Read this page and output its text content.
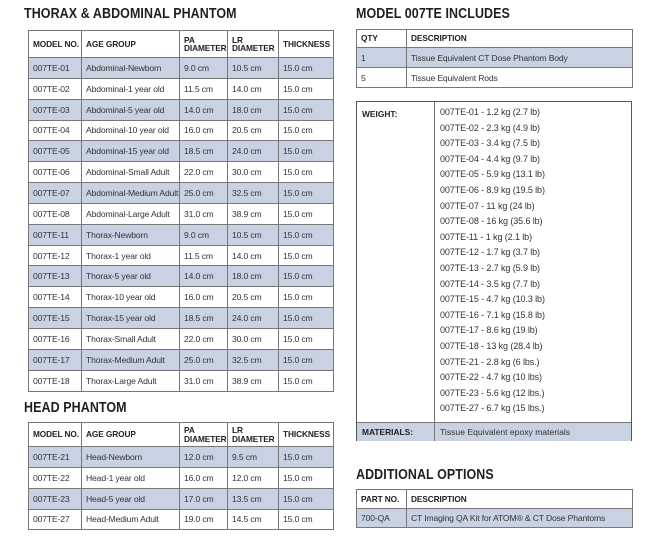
THORAX & ABDOMINAL PHANTOM
MODEL NO.	AGE GROUP	PA DIAMETER	LR DIAMETER	THICKNESS
007TE-01	Abdominal-Newborn	9.0 cm	10.5 cm	15.0 cm
007TE-02	Abdominal-1 year old	11.5 cm	14.0 cm	15.0 cm
007TE-03	Abdominal-5 year old	14.0 cm	18.0 cm	15.0 cm
007TE-04	Abdominal-10 year old	16.0 cm	20.5 cm	15.0 cm
007TE-05	Abdominal-15 year old	18.5 cm	24.0 cm	15.0 cm
007TE-06	Abdominal-Small Adult	22.0 cm	30.0 cm	15.0 cm
007TE-07	Abdominal-Medium Adult	25.0 cm	32.5 cm	15.0 cm
007TE-08	Abdominal-Large Adult	31.0 cm	38.9 cm	15.0 cm
007TE-11	Thorax-Newborn	9.0 cm	10.5 cm	15.0 cm
007TE-12	Thorax-1 year old	11.5 cm	14.0 cm	15.0 cm
007TE-13	Thorax-5 year old	14.0 cm	18.0 cm	15.0 cm
007TE-14	Thorax-10 year old	16.0 cm	20.5 cm	15.0 cm
007TE-15	Thorax-15 year old	18.5 cm	24.0 cm	15.0 cm
007TE-16	Thorax-Small Adult	22.0 cm	30.0 cm	15.0 cm
007TE-17	Thorax-Medium Adult	25.0 cm	32.5 cm	15.0 cm
007TE-18	Thorax-Large Adult	31.0 cm	38.9 cm	15.0 cm
HEAD PHANTOM
MODEL NO.	AGE GROUP	PA DIAMETER	LR DIAMETER	THICKNESS
007TE-21	Head-Newborn	12.0 cm	9.5 cm	15.0 cm
007TE-22	Head-1 year old	16.0 cm	12.0 cm	15.0 cm
007TE-23	Head-5 year old	17.0 cm	13.5 cm	15.0 cm
007TE-27	Head-Medium Adult	19.0 cm	14.5 cm	15.0 cm
MODEL 007TE INCLUDES
QTY	DESCRIPTION
1	Tissue Equivalent CT Dose Phantom Body
5	Tissue Equivalent Rods
WEIGHT:	007TE-01 - 1.2 kg (2.7 lb)
007TE-02 - 2.3 kg (4.9 lb)
007TE-03 - 3.4 kg (7.5 lb)
007TE-04 - 4.4 kg (9.7 lb)
007TE-05 - 5.9 kg (13.1 lb)
007TE-06 - 8.9 kg (19.5 lb)
007TE-07 - 11 kg (24 lb)
007TE-08 - 16 kg (35.6 lb)
007TE-11 - 1 kg (2.1 lb)
007TE-12 - 1.7 kg (3.7 lb)
007TE-13 - 2.7 kg (5.9 lb)
007TE-14 - 3.5 kg (7.7 lb)
007TE-15 - 4.7 kg (10.3 lb)
007TE-16 - 7.1 kg (15.8 lb)
007TE-17 - 8.6 kg (19 lb)
007TE-18 - 13 kg (28.4 lb)
007TE-21 - 2.8 kg (6 lbs.)
007TE-22 - 4.7 kg (10 lbs)
007TE-23 - 5.6 kg (12 lbs.)
007TE-27 - 6.7 kg (15 lbs.)
MATERIALS:	Tissue Equivalent epoxy materials
ADDITIONAL OPTIONS
PART NO.	DESCRIPTION
700-QA	CT Imaging QA Kit for ATOM® & CT Dose Phantoms
